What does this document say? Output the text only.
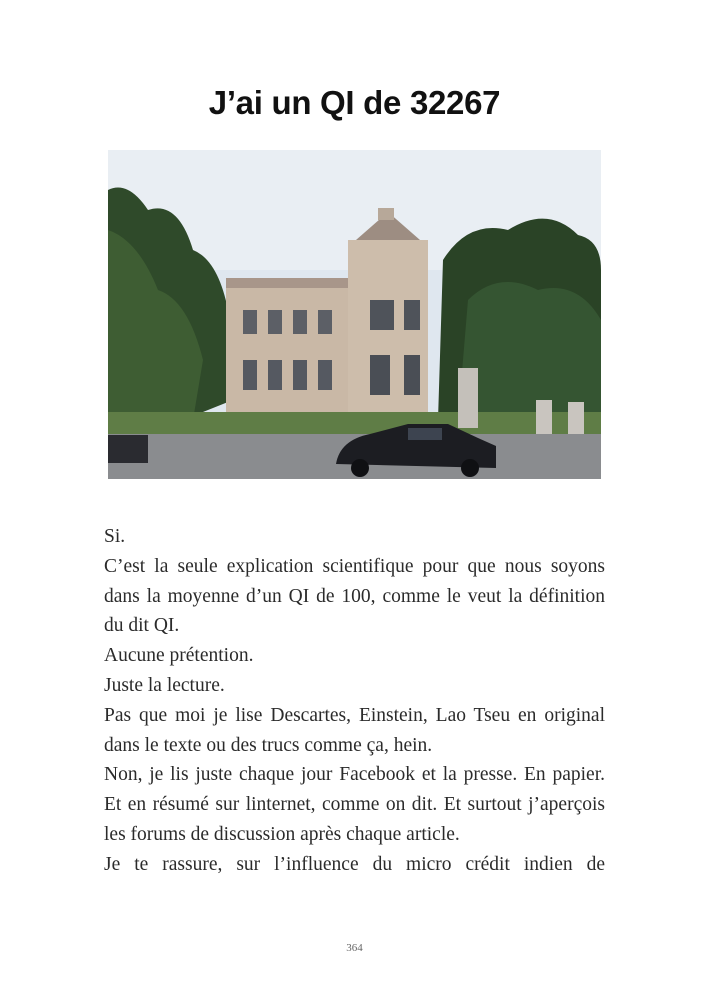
J’ai un QI de 32267

Si.

C’est la seule explication scientifique pour que nous soyons dans la moyenne d’un QI de 100, comme le veut la définition du dit QI.

Aucune prétention.

Juste la lecture.

Pas que moi je lise Descartes, Einstein, Lao Tseu en original dans le texte ou des trucs comme ça, hein.

Non, je lis juste chaque jour Facebook et la presse. En papier. Et en résumé sur linternet, comme on dit. Et surtout j’aperçois les forums de discussion après chaque article.

Je te rassure, sur l’influence du micro crédit indien de

364
